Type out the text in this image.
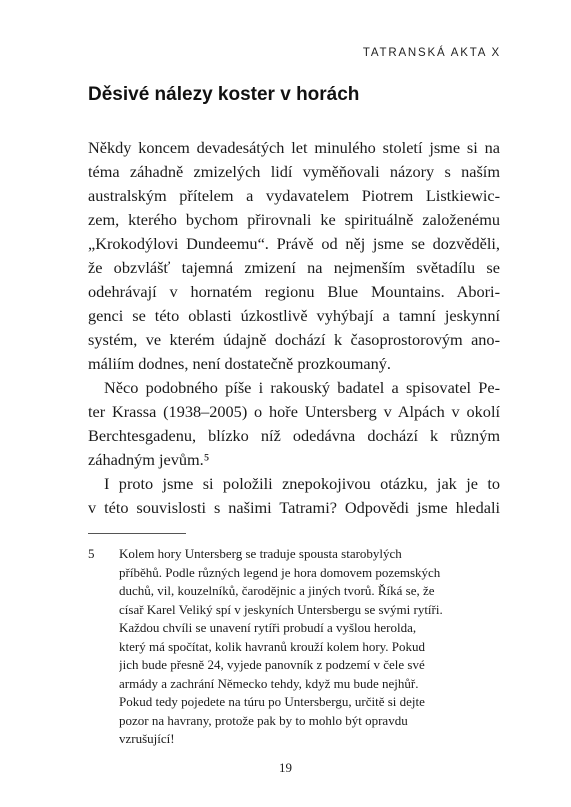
TATRANSKÁ AKTA X
Děsivé nálezy koster v horách
Někdy koncem devadesátých let minulého století jsme si na
téma záhadně zmizelých lidí vyměňovali názory s naším
australským přítelem a vydavatelem Piotrem Listkiewic-
zem, kterého bychom přirovnali ke spirituálně založenému
„Krokodýlovi Dundeemu“. Právě od něj jsme se dozvěděli,
že obzvlášť tajemná zmizení na nejmenším světadílu se
odehrávají v hornatém regionu Blue Mountains. Abori-
genci se této oblasti úzkostlivě vyhýbají a tamní jeskynní
systém, ve kterém údajně dochází k časoprostorovým ano-
máliím dodnes, není dostatečně prozkoumaný.
Něco podobného píše i rakouský badatel a spisovatel Pe-
ter Krassa (1938–2005) o hoře Untersberg v Alpách v okolí
Berchtesgadenu, blízko níž odedávna dochází k různým
záhadným jevům.⁵
I proto jsme si položili znepokojivou otázku, jak je to
v této souvislosti s našimi Tatrami? Odpovědi jsme hledali
5 Kolem hory Untersberg se traduje spousta starobylých
příběhů. Podle různých legend je hora domovem pozemských
duchů, vil, kouzelníků, čarodějnic a jiných tvorů. Říká se, že
císař Karel Veliký spí v jeskyních Untersbergu se svými rytíři.
Každou chvíli se unavení rytíři probudí a vyšlou herolda,
který má spočítat, kolik havranů krouží kolem hory. Pokud
jich bude přesně 24, vyjede panovník z podzemí v čele své
armády a zachrání Německo tehdy, když mu bude nejhůř.
Pokud tedy pojedete na túru po Untersbergu, určitě si dejte
pozor na havrany, protože pak by to mohlo být opravdu
vzrušující!
19
